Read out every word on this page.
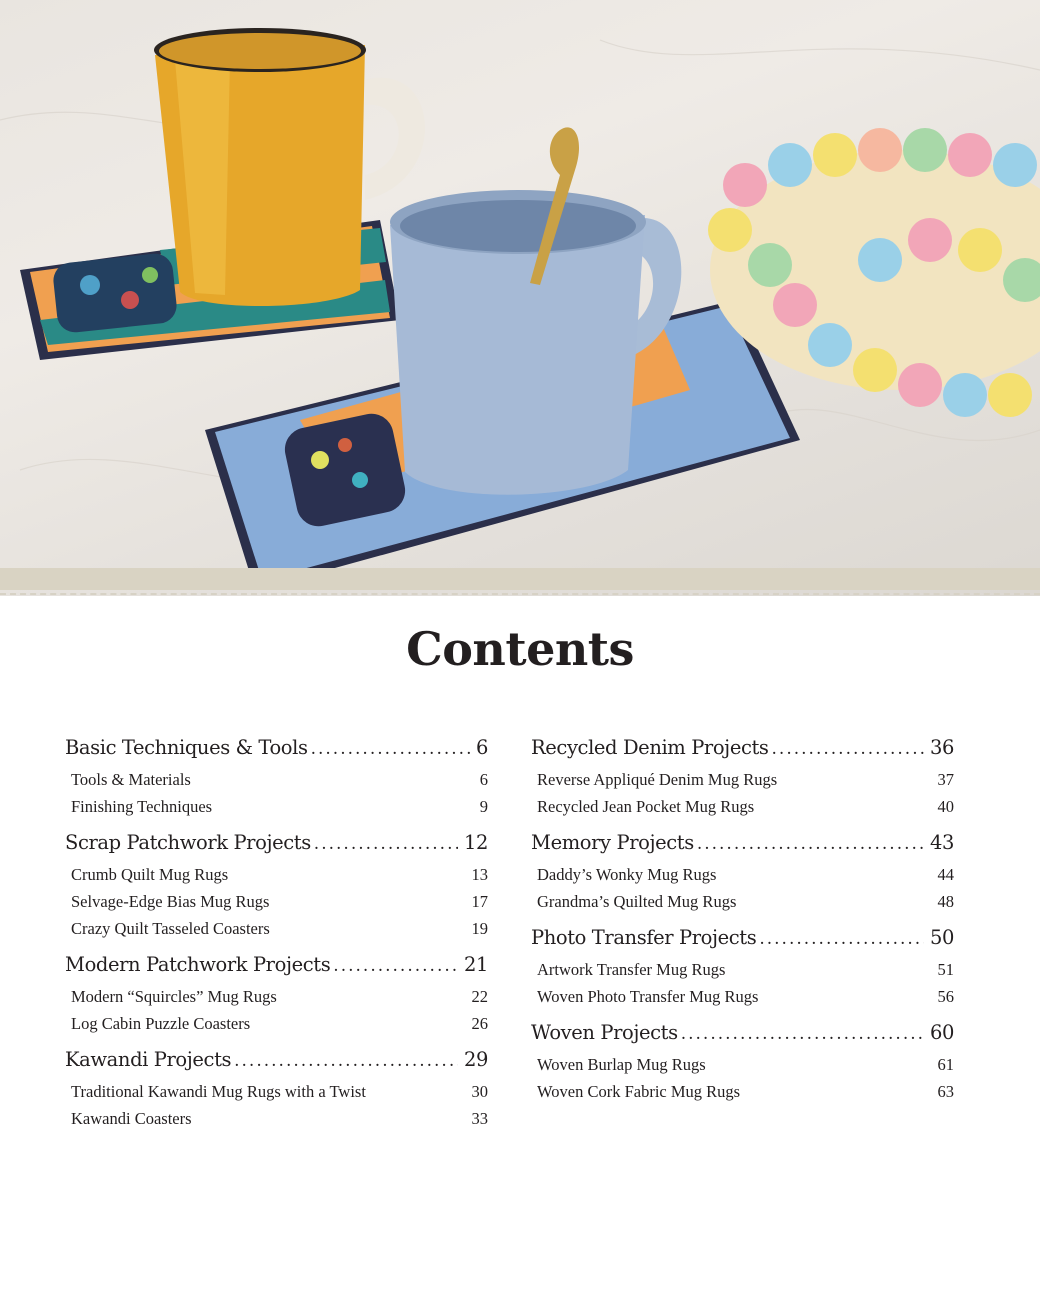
Contents
Basic Techniques & Tools .....	6
Tools & Materials	6
Finishing Techniques	9
Scrap Patchwork Projects .....	12
Crumb Quilt Mug Rugs	13
Selvage-Edge Bias Mug Rugs	17
Crazy Quilt Tasseled Coasters	19
Modern Patchwork Projects .....	21
Modern “Squircles” Mug Rugs	22
Log Cabin Puzzle Coasters	26
Kawandi Projects .....	29
Traditional Kawandi Mug Rugs with a Twist	30
Kawandi Coasters	33
Recycled Denim Projects .....	36
Reverse Appliqué Denim Mug Rugs	37
Recycled Jean Pocket Mug Rugs	40
Memory Projects .....	43
Daddy’s Wonky Mug Rugs	44
Grandma’s Quilted Mug Rugs	48
Photo Transfer Projects .....	50
Artwork Transfer Mug Rugs	51
Woven Photo Transfer Mug Rugs	56
Woven Projects .....	60
Woven Burlap Mug Rugs	61
Woven Cork Fabric Mug Rugs	63
